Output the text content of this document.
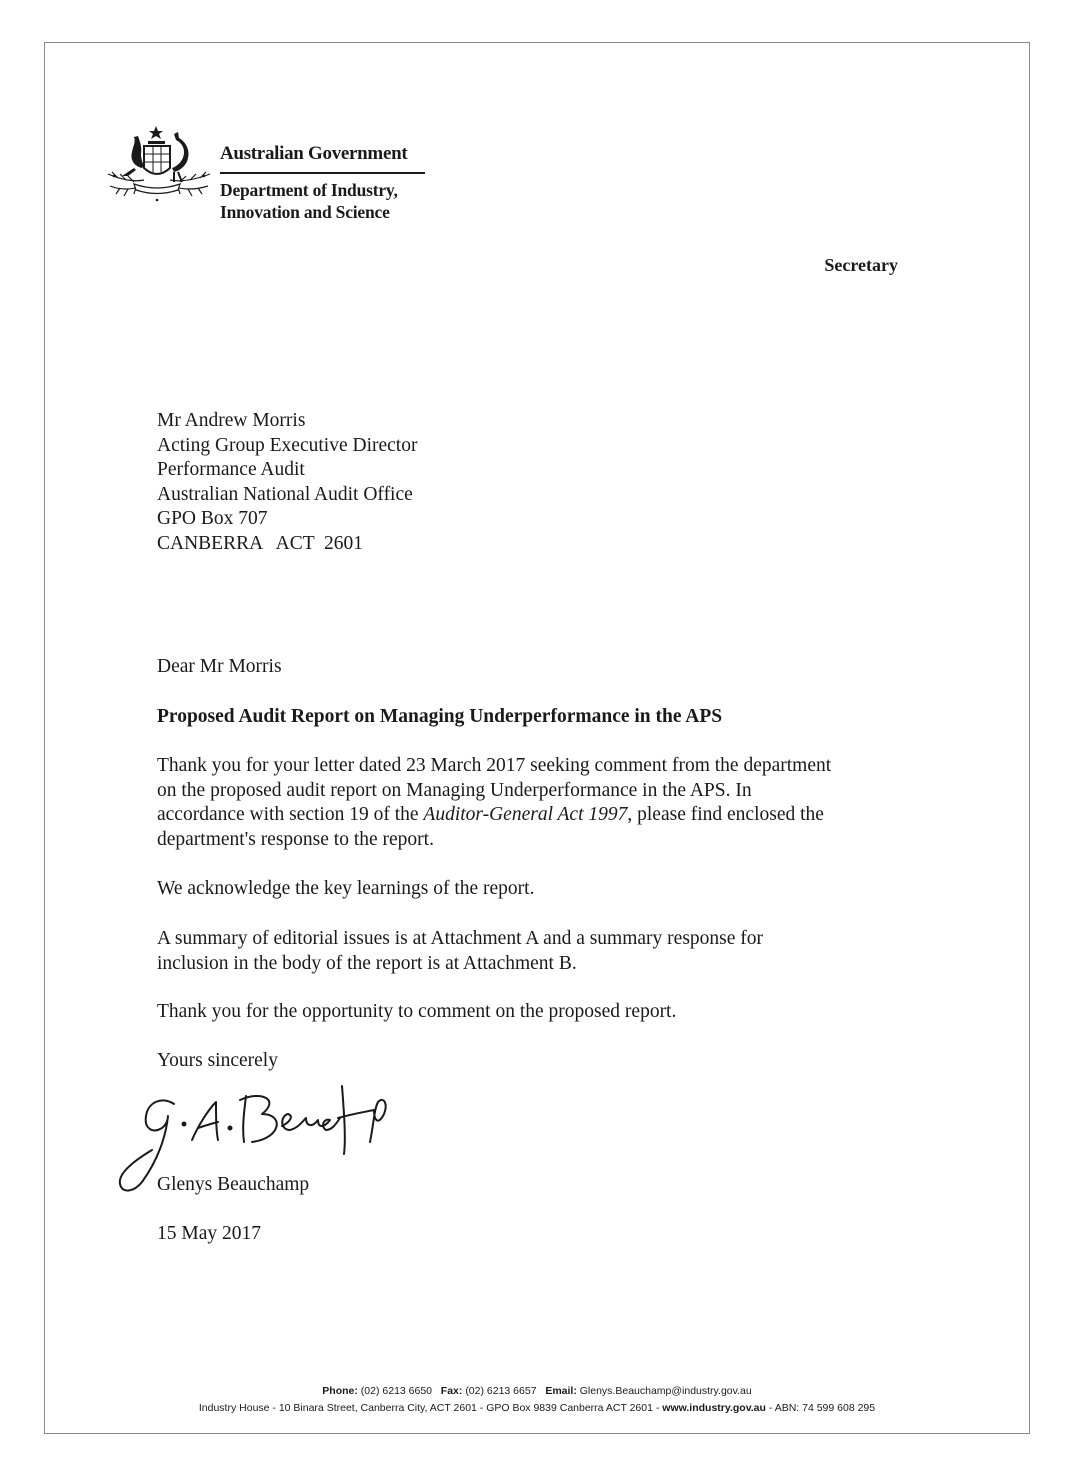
Australian Government
Department of Industry,
Innovation and Science
Secretary
Mr Andrew Morris
Acting Group Executive Director
Performance Audit
Australian National Audit Office
GPO Box 707
CANBERRA   ACT  2601
Dear Mr Morris
Proposed Audit Report on Managing Underperformance in the APS
Thank you for your letter dated 23 March 2017 seeking comment from the department
on the proposed audit report on Managing Underperformance in the APS. In
accordance with section 19 of the Auditor-General Act 1997, please find enclosed the
department's response to the report.
We acknowledge the key learnings of the report.
A summary of editorial issues is at Attachment A and a summary response for
inclusion in the body of the report is at Attachment B.
Thank you for the opportunity to comment on the proposed report.
Yours sincerely
Glenys Beauchamp
15 May 2017
Phone: (02) 6213 6650 Fax: (02) 6213 6657 Email: Glenys.Beauchamp@industry.gov.au
Industry House - 10 Binara Street, Canberra City, ACT 2601 - GPO Box 9839 Canberra ACT 2601 - www.industry.gov.au - ABN: 74 599 608 295
